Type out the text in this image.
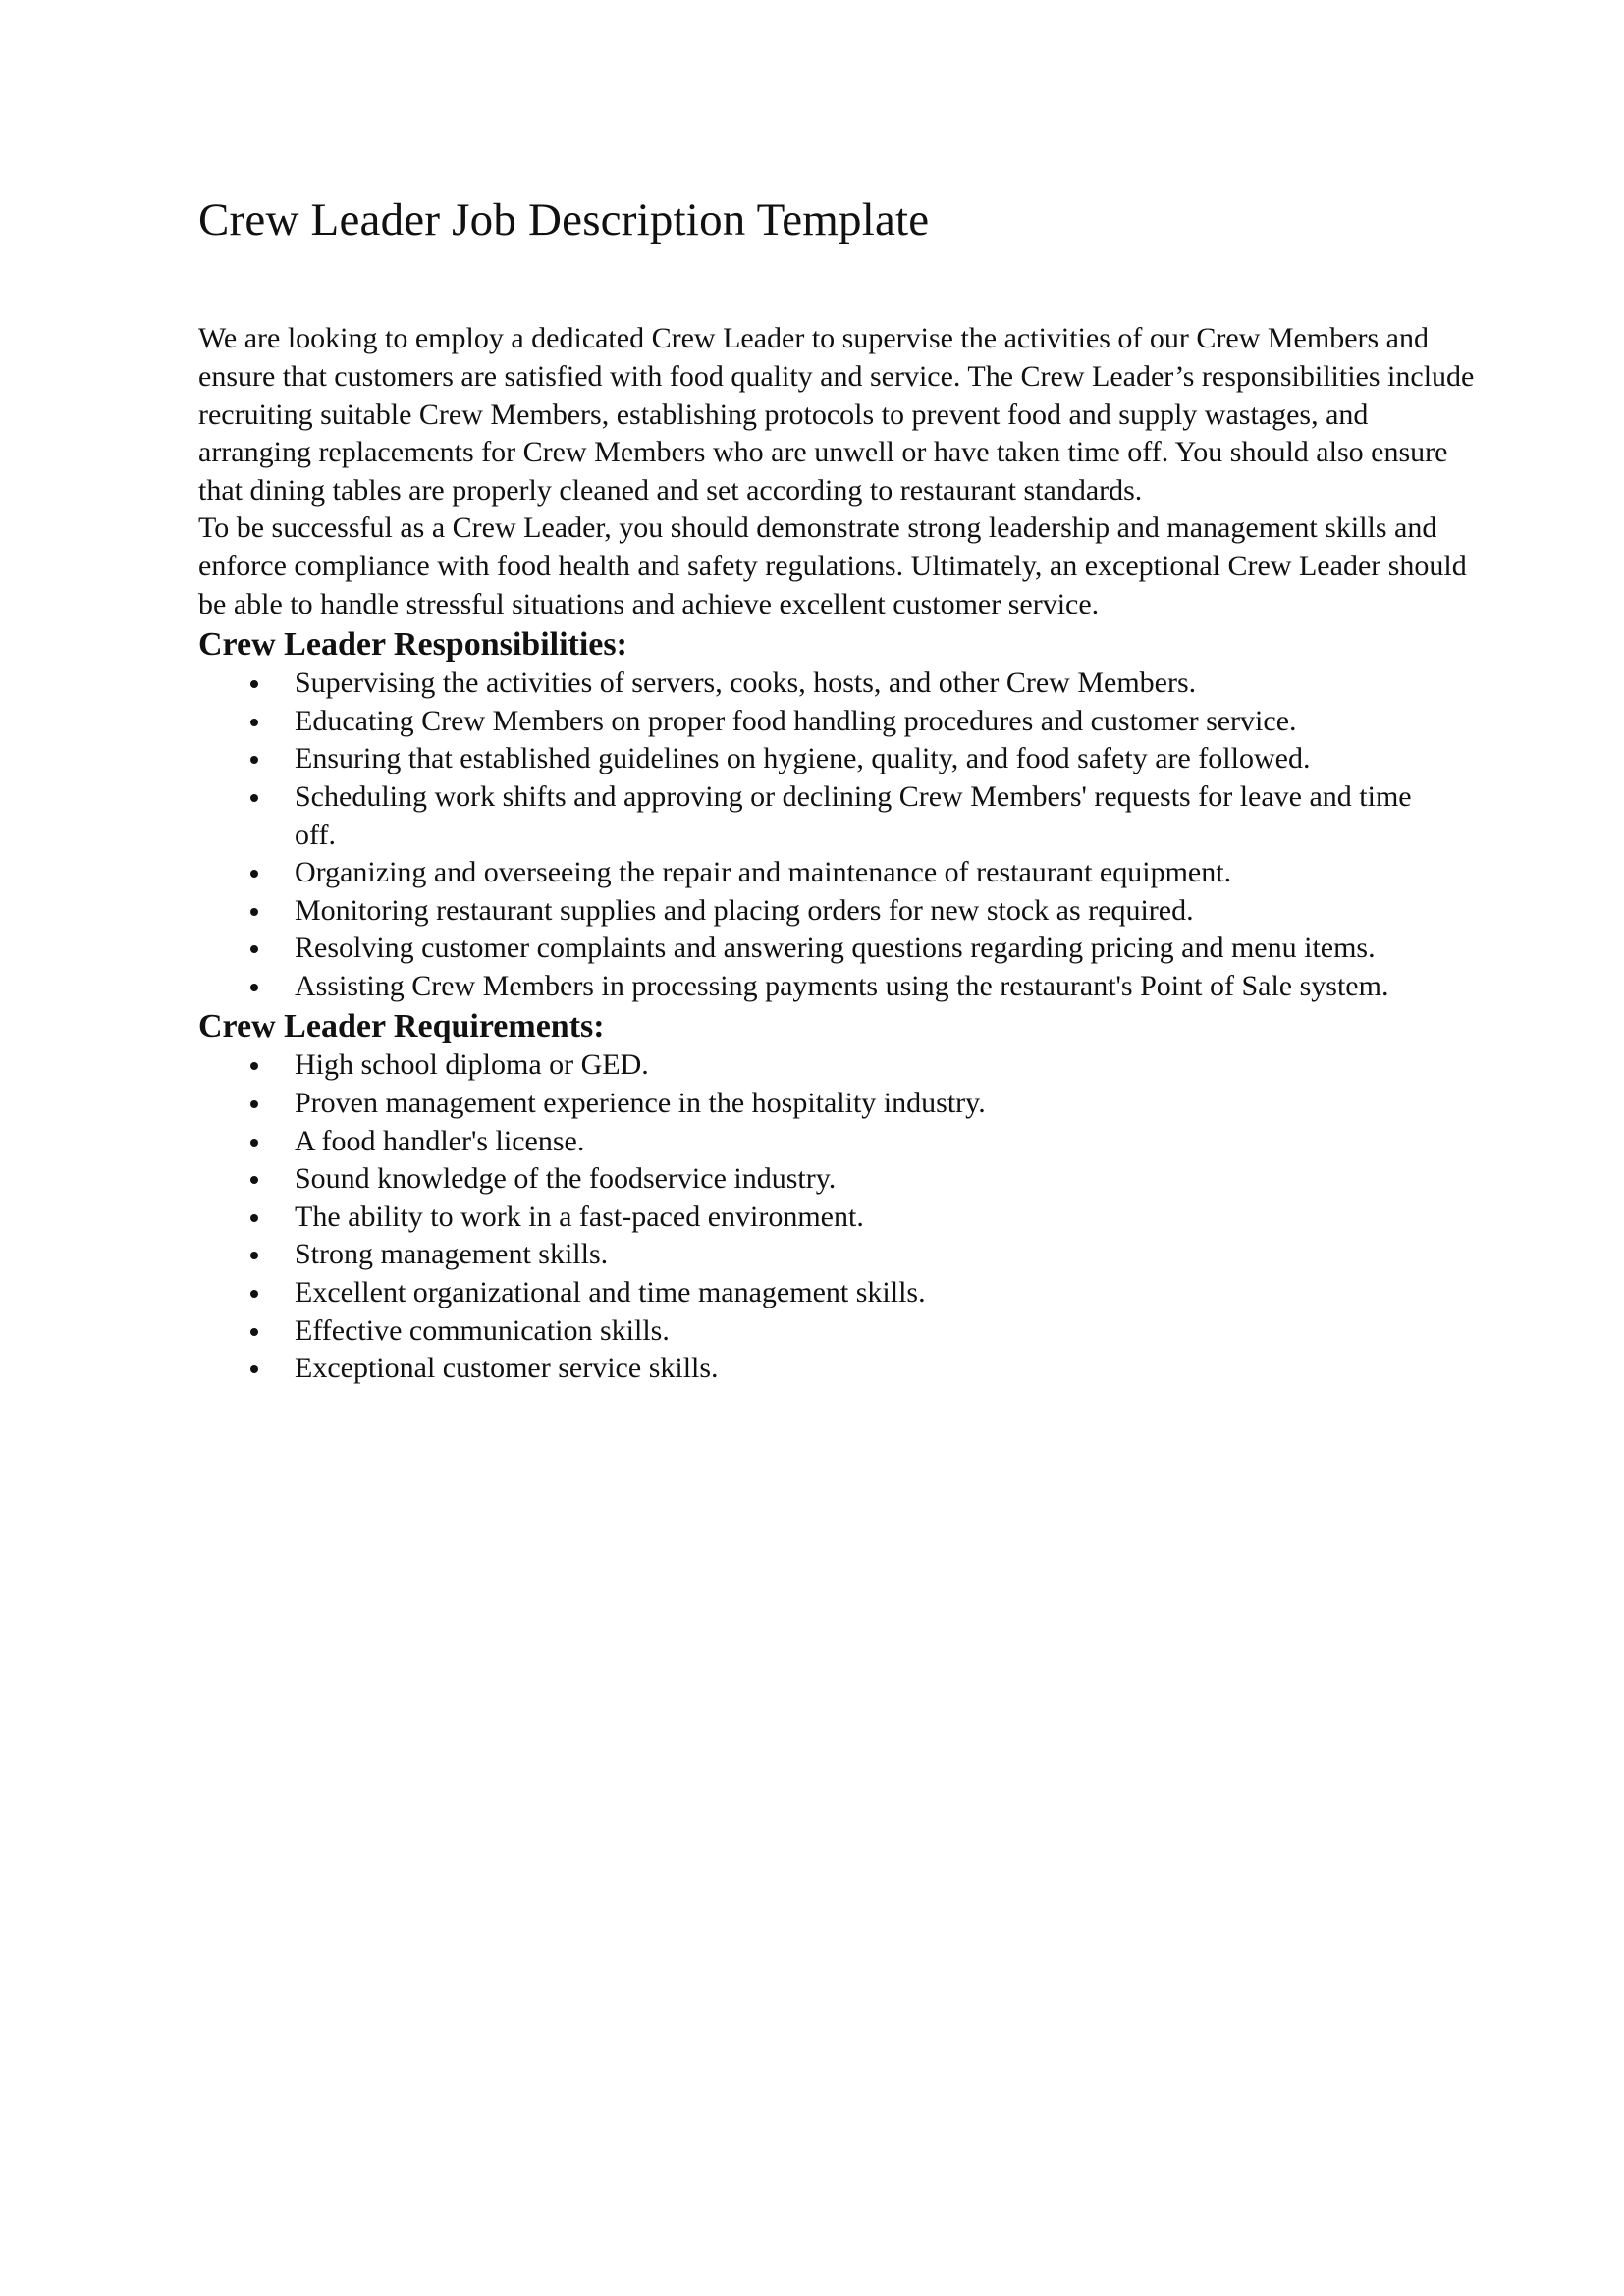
Crew Leader Job Description Template

We are looking to employ a dedicated Crew Leader to supervise the activities of our Crew Members and ensure that customers are satisfied with food quality and service. The Crew Leader’s responsibilities include recruiting suitable Crew Members, establishing protocols to prevent food and supply wastages, and arranging replacements for Crew Members who are unwell or have taken time off. You should also ensure that dining tables are properly cleaned and set according to restaurant standards.

To be successful as a Crew Leader, you should demonstrate strong leadership and management skills and enforce compliance with food health and safety regulations. Ultimately, an exceptional Crew Leader should be able to handle stressful situations and achieve excellent customer service.

Crew Leader Responsibilities:
Supervising the activities of servers, cooks, hosts, and other Crew Members.
Educating Crew Members on proper food handling procedures and customer service.
Ensuring that established guidelines on hygiene, quality, and food safety are followed.
Scheduling work shifts and approving or declining Crew Members' requests for leave and time off.
Organizing and overseeing the repair and maintenance of restaurant equipment.
Monitoring restaurant supplies and placing orders for new stock as required.
Resolving customer complaints and answering questions regarding pricing and menu items.
Assisting Crew Members in processing payments using the restaurant's Point of Sale system.
Crew Leader Requirements:
High school diploma or GED.
Proven management experience in the hospitality industry.
A food handler's license.
Sound knowledge of the foodservice industry.
The ability to work in a fast-paced environment.
Strong management skills.
Excellent organizational and time management skills.
Effective communication skills.
Exceptional customer service skills.
